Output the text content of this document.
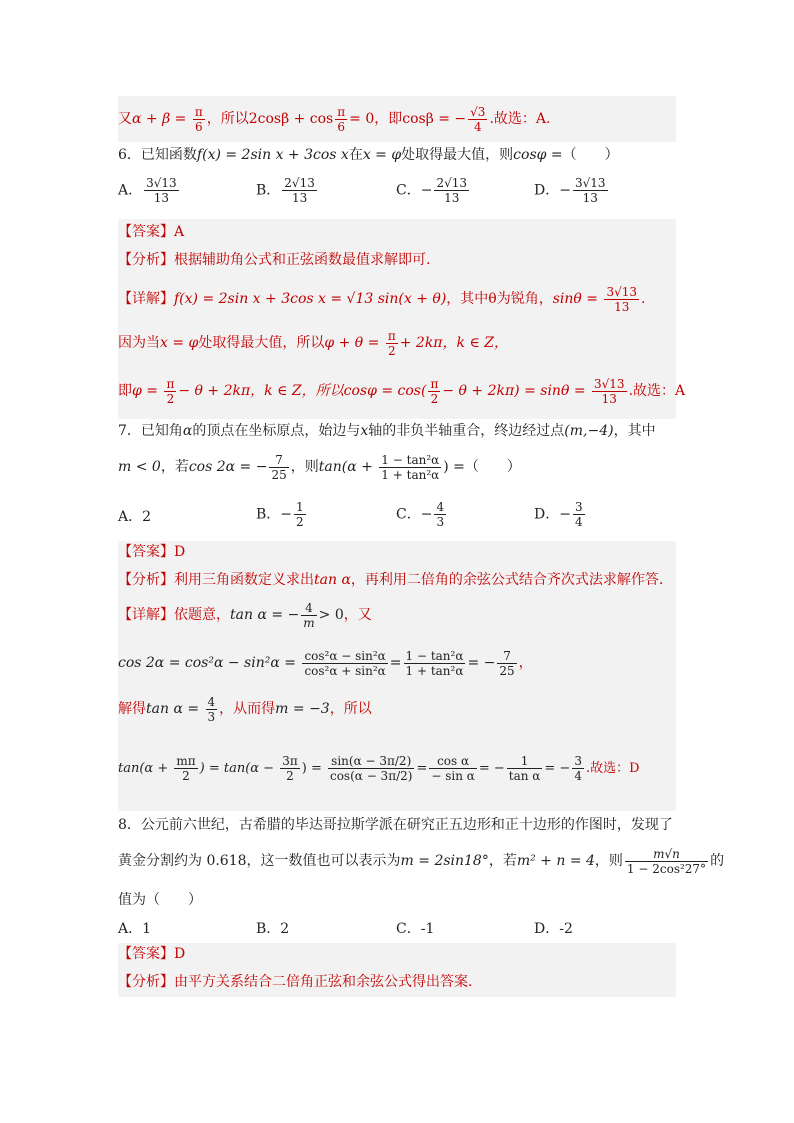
又$\alpha + \beta = \frac{\pi}{6}$ ，所以$2\cos\beta + \cos \frac{\pi}{6} = 0$，即cosβ = − $\frac{√3}{4}$ .故选：A.
6．已知函数f(x) = 2sin x + 3cos x在x = φ处取得最大值，则cosφ =（　　）
A． $\frac{3√13}{13}$	B． $\frac{2√13}{13}$	C．− $\frac{2√13}{13}$	D．− $\frac{3√13}{13}$
【答案】A
【分析】根据辅助角公式和正弦函数最值求解即可.
【详解】f(x) = 2sin x + 3cos x = √13 sin(x + θ)，其中θ为锐角，$\sin\theta = \frac{3√13}{13}$ .
因为当x = φ处取得最大值，所以$\varphi + \theta = \frac{\pi}{2} + 2k\pi$，k ∈ Z，
即$\varphi = \frac{\pi}{2} - \theta + 2k\pi$，k ∈ Z，所以$\cos\varphi = \cos( \frac{\pi}{2} - \theta + 2k\pi) = \sin\theta = \frac{3√13}{13}$ .故选：A
7．已知角α的顶点在坐标原点，始边与x轴的非负半轴重合，终边经过点(m,−4)，其中
m < 0，若cos 2α = − $\frac{7}{25}$ ，则$\tan(\alpha + \frac{\text{1 − tan²α}}{\text{1 + tan²α}}$ ) =（　　）
A．2	B．− $\frac{1}{2}$	C．− $\frac{4}{3}$	D．− $\frac{3}{4}$
【答案】D
【分析】利用三角函数定义求出tan α，再利用二倍角的余弦公式结合齐次式法求解作答.
【详解】依题意，tan α = − $\frac{4}{m} > 0$，又
$\cos 2\alpha = \cos^2\alpha - \sin^2\alpha = \frac{\text{cos²α − sin²α}}{\text{cos²α + sin²α}} = \frac{\text{1 − tan²α}}{\text{1 + tan²α}}$ = − $\frac{7}{25}$ ，
解得$\tan \alpha = \frac{4}{3}$ ，从而得m = −3，所以
$\tan(\alpha + \frac{m\pi}{2}$ ) = $\tan(\alpha - \frac{3\pi}{2}$ ) = $\frac{\sin(\alpha - 3\pi/2)}{\cos(\alpha - 3\pi/2)} = \frac{\text{cos α}}{\text{− sin α}}$ = − $\frac{1}{\text{tan α}}$ = − $\frac{3}{4}$ .故选：D
8．公元前六世纪，古希腊的毕达哥拉斯学派在研究正五边形和正十边形的作图时，发现了
黄金分割约为 0.618，这一数值也可以表示为m = 2sin18°，若m² + n = 4，则 $\frac{m√n}{\text{1 − 2cos²27°}}$ 的
值为（　　）
A．1	B．2	C．-1	D．-2
【答案】D
【分析】由平方关系结合二倍角正弦和余弦公式得出答案.
